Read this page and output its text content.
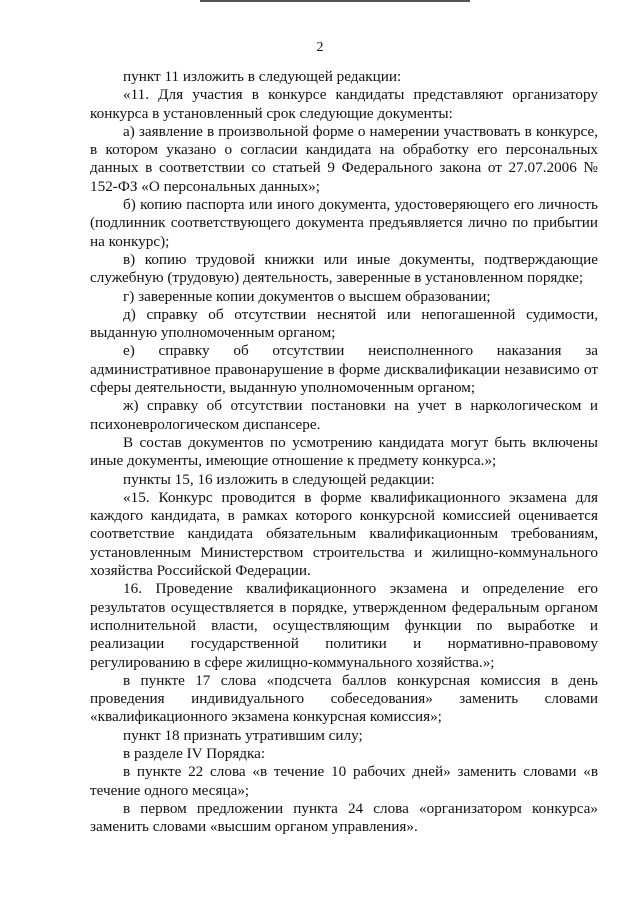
2

пункт 11 изложить в следующей редакции:

«11. Для участия в конкурсе кандидаты представляют организатору конкурса в установленный срок следующие документы:

а) заявление в произвольной форме о намерении участвовать в конкурсе, в котором указано о согласии кандидата на обработку его персональных данных в соответствии со статьей 9 Федерального закона от 27.07.2006 № 152-ФЗ «О персональных данных»;

б) копию паспорта или иного документа, удостоверяющего его личность (подлинник соответствующего документа предъявляется лично по прибытии на конкурс);

в) копию трудовой книжки или иные документы, подтверждающие служебную (трудовую) деятельность, заверенные в установленном порядке;

г) заверенные копии документов о высшем образовании;

д) справку об отсутствии неснятой или непогашенной судимости, выданную уполномоченным органом;

е) справку об отсутствии неисполненного наказания за административное правонарушение в форме дисквалификации независимо от сферы деятельности, выданную уполномоченным органом;

ж) справку об отсутствии постановки на учет в наркологическом и психоневрологическом диспансере.

В состав документов по усмотрению кандидата могут быть включены иные документы, имеющие отношение к предмету конкурса.»;

пункты 15, 16 изложить в следующей редакции:

«15. Конкурс проводится в форме квалификационного экзамена для каждого кандидата, в рамках которого конкурсной комиссией оценивается соответствие кандидата обязательным квалификационным требованиям, установленным Министерством строительства и жилищно-коммунального хозяйства Российской Федерации.

16. Проведение квалификационного экзамена и определение его результатов осуществляется в порядке, утвержденном федеральным органом исполнительной власти, осуществляющим функции по выработке и реализации государственной политики и нормативно-правовому регулированию в сфере жилищно-коммунального хозяйства.»;

в пункте 17 слова «подсчета баллов конкурсная комиссия в день проведения индивидуального собеседования» заменить словами «квалификационного экзамена конкурсная комиссия»;

пункт 18 признать утратившим силу;

в разделе IV Порядка:

в пункте 22 слова «в течение 10 рабочих дней» заменить словами «в течение одного месяца»;

в первом предложении пункта 24 слова «организатором конкурса» заменить словами «высшим органом управления».
